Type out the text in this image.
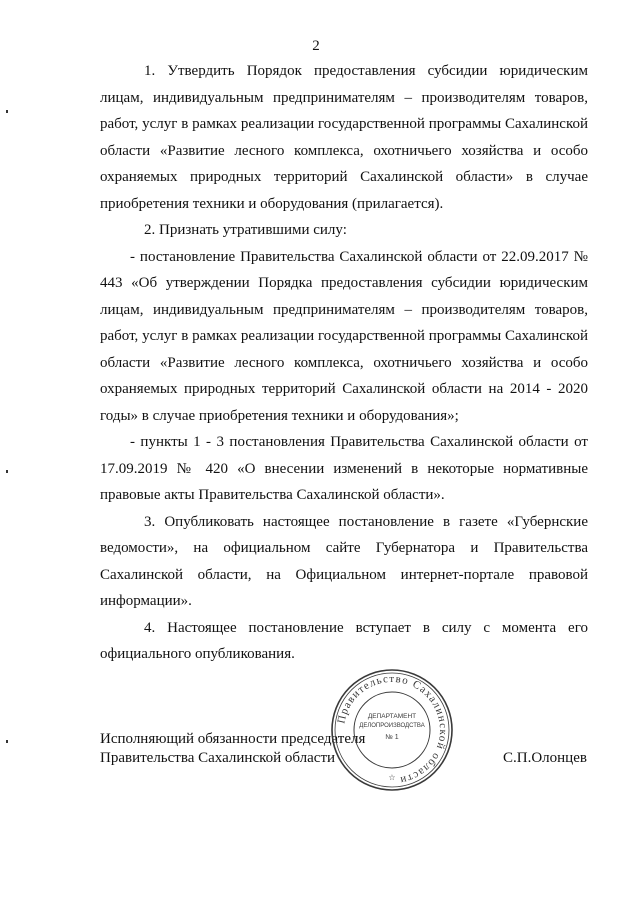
2

1. Утвердить Порядок предоставления субсидии юридическим лицам, индивидуальным предпринимателям – производителям товаров, работ, услуг в рамках реализации государственной программы Сахалинской области «Развитие лесного комплекса, охотничьего хозяйства и особо охраняемых природных территорий Сахалинской области» в случае приобретения техники и оборудования (прилагается).

2. Признать утратившими силу:

- постановление Правительства Сахалинской области от 22.09.2017 № 443 «Об утверждении Порядка предоставления субсидии юридическим лицам, индивидуальным предпринимателям – производителям товаров, работ, услуг в рамках реализации государственной программы Сахалинской области «Развитие лесного комплекса, охотничьего хозяйства и особо охраняемых природных территорий Сахалинской области на 2014 - 2020 годы» в случае приобретения техники и оборудования»;

- пункты 1 - 3 постановления Правительства Сахалинской области от 17.09.2019 № 420 «О внесении изменений в некоторые нормативные правовые акты Правительства Сахалинской области».

3. Опубликовать настоящее постановление в газете «Губернские ведомости», на официальном сайте Губернатора и Правительства Сахалинской области, на Официальном интернет-портале правовой информации».

4. Настоящее постановление вступает в силу с момента его официального опубликования.

Исполняющий обязанности председателя
Правительства Сахалинской области	С.П.Олонцев
Правительство Сахалинской области
ДЕПАРТАМЕНТ
ДЕЛОПРОИЗВОДСТВА
№ 1
☆
